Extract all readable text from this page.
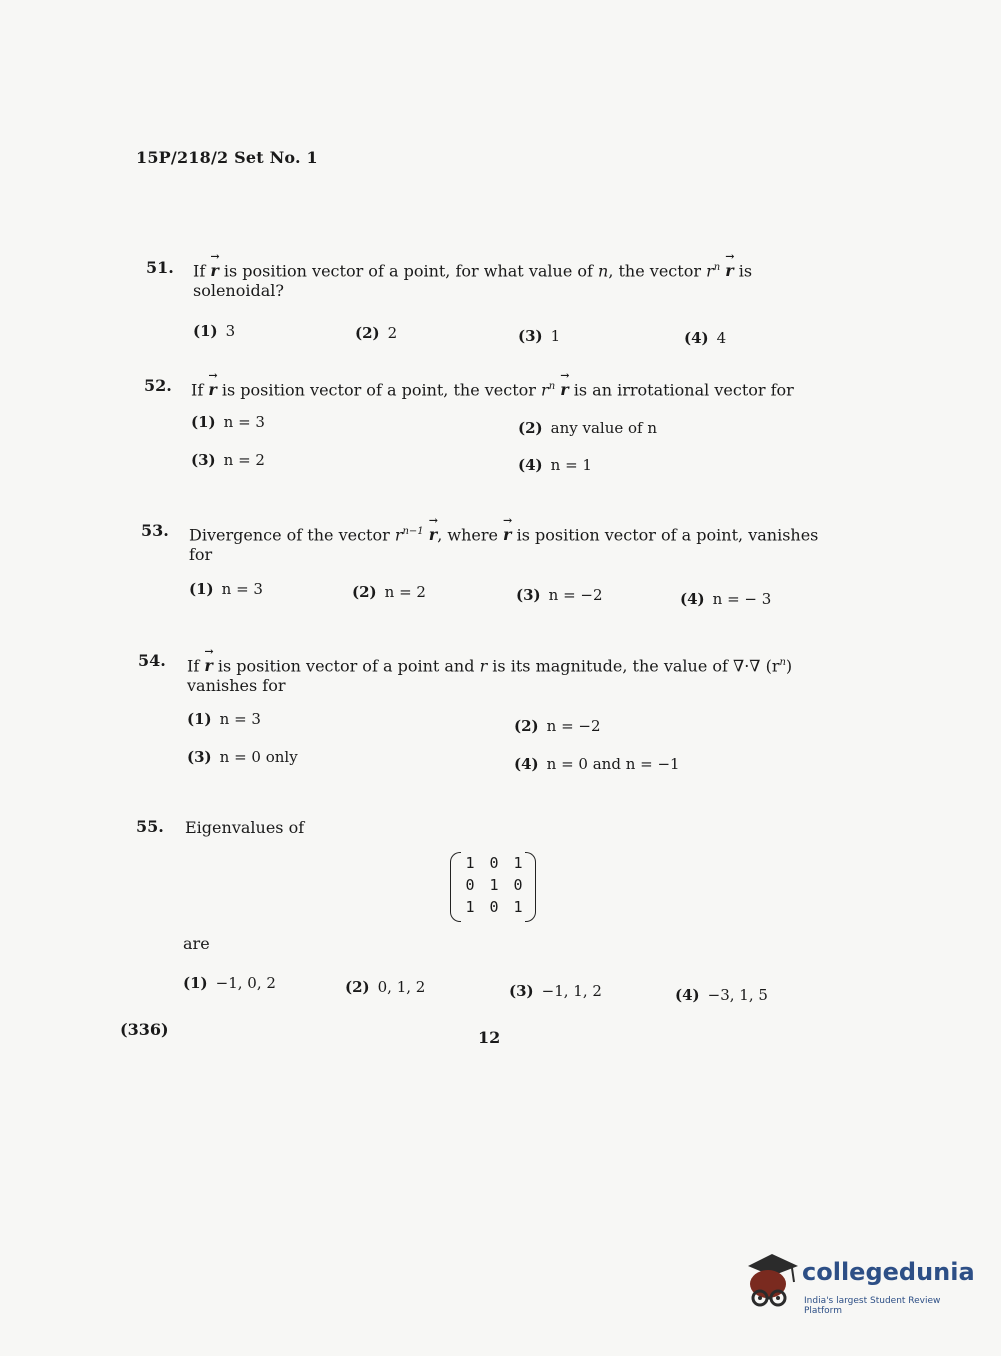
15P/218/2 Set No. 1
51. If → r is position vector of a point, for what value of n, the vector $r^n \to r$ is
solenoidal?
(1) 3	(2) 2	(3) 1	(4) 4
52. If → r is position vector of a point, the vector $r^n \to r$ is an irrotational vector for
(1) n = 3	(2) any value of n
(3) n = 2	(4) n = 1
53. Divergence of the vector $r^{n-1} \to r$, where → r is position vector of a point, vanishes
for
(1) n = 3	(2) n = 2	(3) n = −2	(4) n = − 3
54. If → r is position vector of a point and r is its magnitude, the value of ∇·∇ $(r^n)$
vanishes for
(1) n = 3	(2) n = −2
(3) n = 0 only	(4) n = 0 and n = −1
55. Eigenvalues of
1	0	1
0	1	0
1	0	1
are
(1) −1, 0, 2	(2) 0, 1, 2	(3) −1, 1, 2	(4) −3, 1, 5
(336)	12
collegedunia
India's largest Student Review Platform
